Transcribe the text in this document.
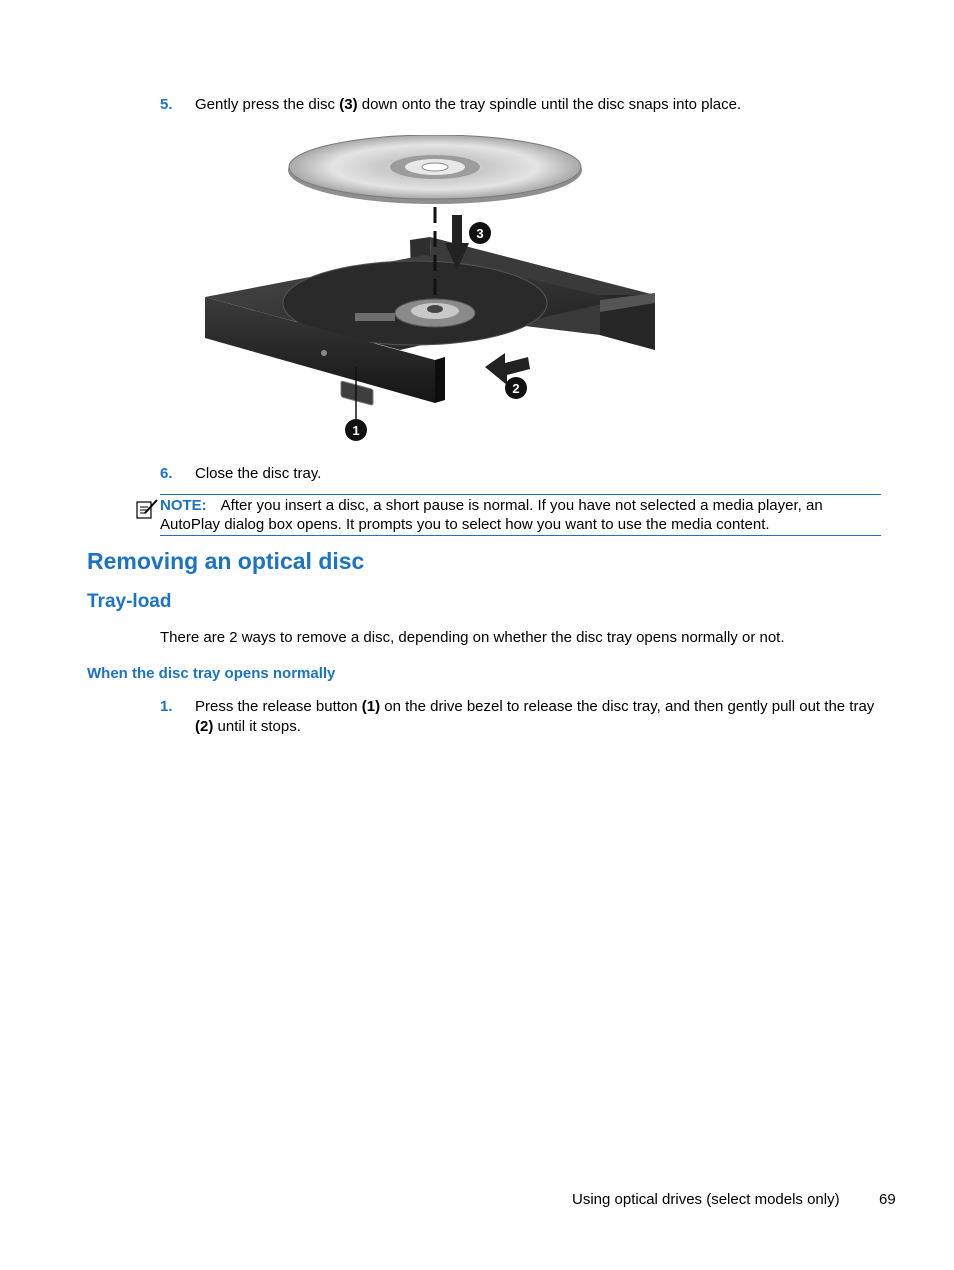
5. Gently press the disc (3) down onto the tray spindle until the disc snaps into place.
3
2
1
6. Close the disc tray.
NOTE: After you insert a disc, a short pause is normal. If you have not selected a media player, an AutoPlay dialog box opens. It prompts you to select how you want to use the media content.
Removing an optical disc
Tray-load
There are 2 ways to remove a disc, depending on whether the disc tray opens normally or not.
When the disc tray opens normally
1. Press the release button (1) on the drive bezel to release the disc tray, and then gently pull out the tray (2) until it stops.
Using optical drives (select models only)	69
